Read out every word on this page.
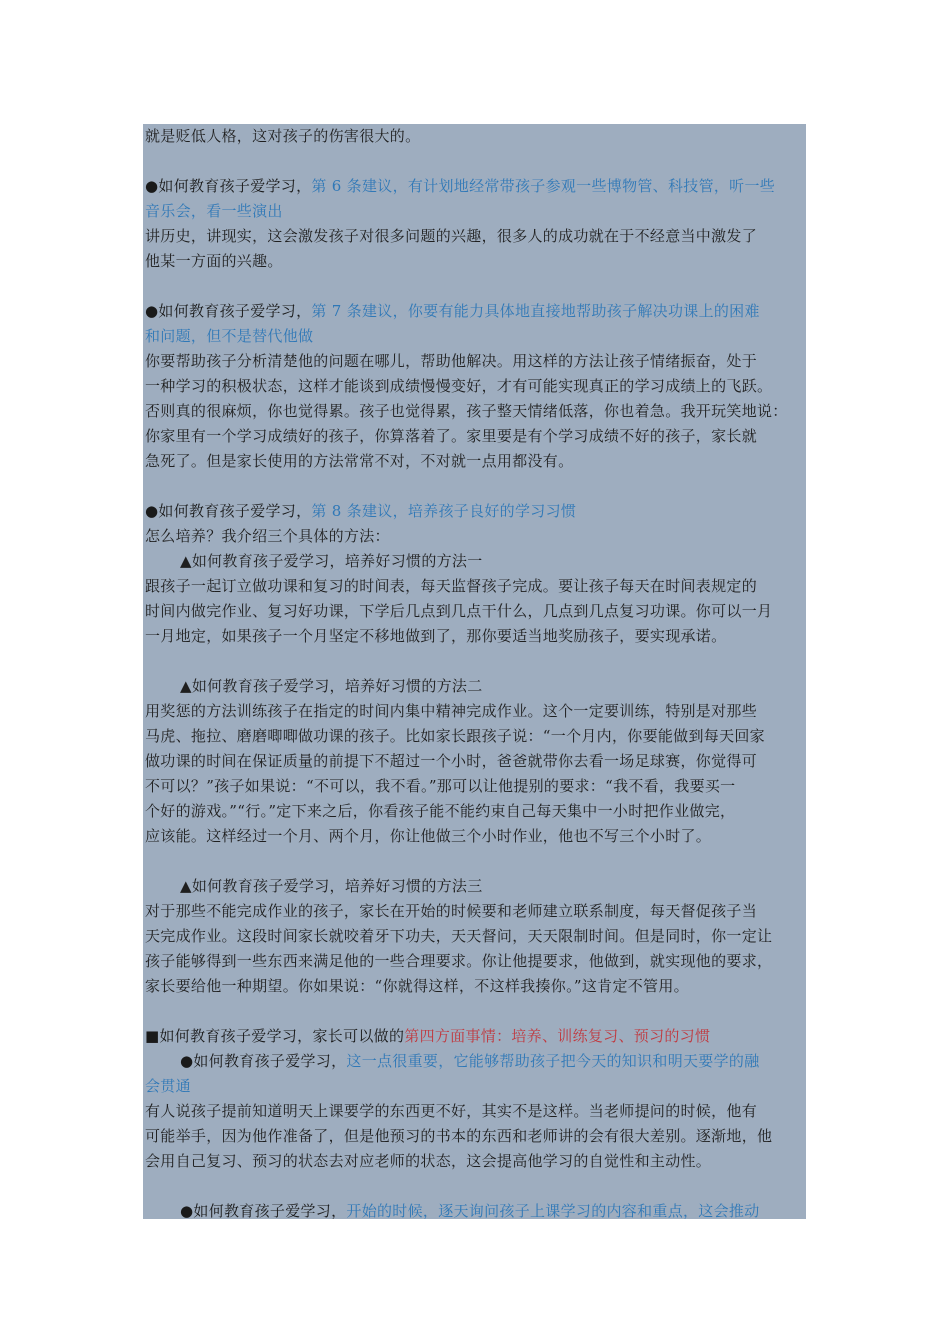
就是贬低人格，这对孩子的伤害很大的。
●如何教育孩子爱学习，第 6 条建议，有计划地经常带孩子参观一些博物管、科技管，听一些
音乐会，看一些演出
讲历史，讲现实，这会激发孩子对很多问题的兴趣，很多人的成功就在于不经意当中激发了
他某一方面的兴趣。
●如何教育孩子爱学习，第 7 条建议，你要有能力具体地直接地帮助孩子解决功课上的困难
和问题，但不是替代他做
你要帮助孩子分析清楚他的问题在哪儿，帮助他解决。用这样的方法让孩子情绪振奋，处于
一种学习的积极状态，这样才能谈到成绩慢慢变好，才有可能实现真正的学习成绩上的飞跃。
否则真的很麻烦，你也觉得累。孩子也觉得累，孩子整天情绪低落，你也着急。我开玩笑地说：
你家里有一个学习成绩好的孩子，你算落着了。家里要是有个学习成绩不好的孩子，家长就
急死了。但是家长使用的方法常常不对，不对就一点用都没有。
●如何教育孩子爱学习，第 8 条建议，培养孩子良好的学习习惯
怎么培养？我介绍三个具体的方法：
▲如何教育孩子爱学习，培养好习惯的方法一
跟孩子一起订立做功课和复习的时间表，每天监督孩子完成。要让孩子每天在时间表规定的
时间内做完作业、复习好功课，下学后几点到几点干什么，几点到几点复习功课。你可以一月
一月地定，如果孩子一个月坚定不移地做到了，那你要适当地奖励孩子，要实现承诺。
▲如何教育孩子爱学习，培养好习惯的方法二
用奖惩的方法训练孩子在指定的时间内集中精神完成作业。这个一定要训练，特别是对那些
马虎、拖拉、磨磨唧唧做功课的孩子。比如家长跟孩子说：“一个月内，你要能做到每天回家
做功课的时间在保证质量的前提下不超过一个小时，爸爸就带你去看一场足球赛，你觉得可
不可以？”孩子如果说：“不可以，我不看。”那可以让他提别的要求：“我不看，我要买一
个好的游戏。”“行。”定下来之后，你看孩子能不能约束自己每天集中一小时把作业做完，
应该能。这样经过一个月、两个月，你让他做三个小时作业，他也不写三个小时了。
▲如何教育孩子爱学习，培养好习惯的方法三
对于那些不能完成作业的孩子，家长在开始的时候要和老师建立联系制度，每天督促孩子当
天完成作业。这段时间家长就咬着牙下功夫，天天督问，天天限制时间。但是同时，你一定让
孩子能够得到一些东西来满足他的一些合理要求。你让他提要求，他做到，就实现他的要求，
家长要给他一种期望。你如果说：“你就得这样，不这样我揍你。”这肯定不管用。
■如何教育孩子爱学习，家长可以做的第四方面事情：培养、训练复习、预习的习惯
●如何教育孩子爱学习，这一点很重要，它能够帮助孩子把今天的知识和明天要学的融
会贯通
有人说孩子提前知道明天上课要学的东西更不好，其实不是这样。当老师提问的时候，他有
可能举手，因为他作准备了，但是他预习的书本的东西和老师讲的会有很大差别。逐渐地，他
会用自己复习、预习的状态去对应老师的状态，这会提高他学习的自觉性和主动性。
●如何教育孩子爱学习，开始的时候，逐天询问孩子上课学习的内容和重点，这会推动
